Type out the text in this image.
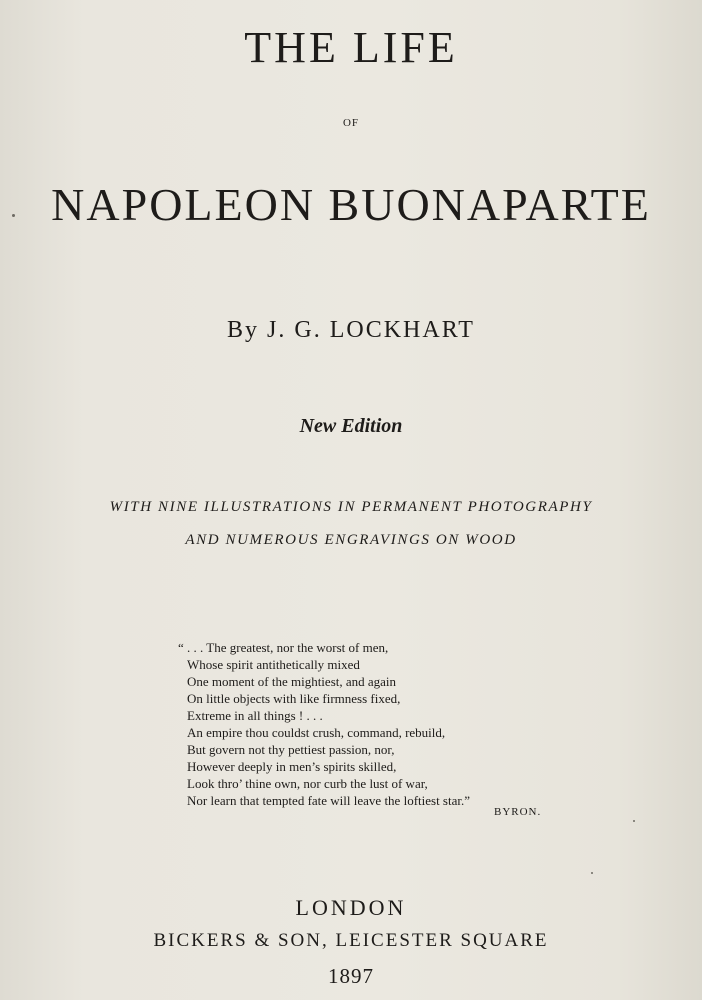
THE LIFE
OF
NAPOLEON BUONAPARTE
By J. G. LOCKHART
New Edition
WITH NINE ILLUSTRATIONS IN PERMANENT PHOTOGRAPHY
AND NUMEROUS ENGRAVINGS ON WOOD
“ . . . The greatest, nor the worst of men,
Whose spirit antithetically mixed
One moment of the mightiest, and again
On little objects with like firmness fixed,
Extreme in all things ! . . .
An empire thou couldst crush, command, rebuild,
But govern not thy pettiest passion, nor,
However deeply in men’s spirits skilled,
Look thro’ thine own, nor curb the lust of war,
Nor learn that tempted fate will leave the loftiest star.”
BYRON.
LONDON
BICKERS & SON, LEICESTER SQUARE
1897
